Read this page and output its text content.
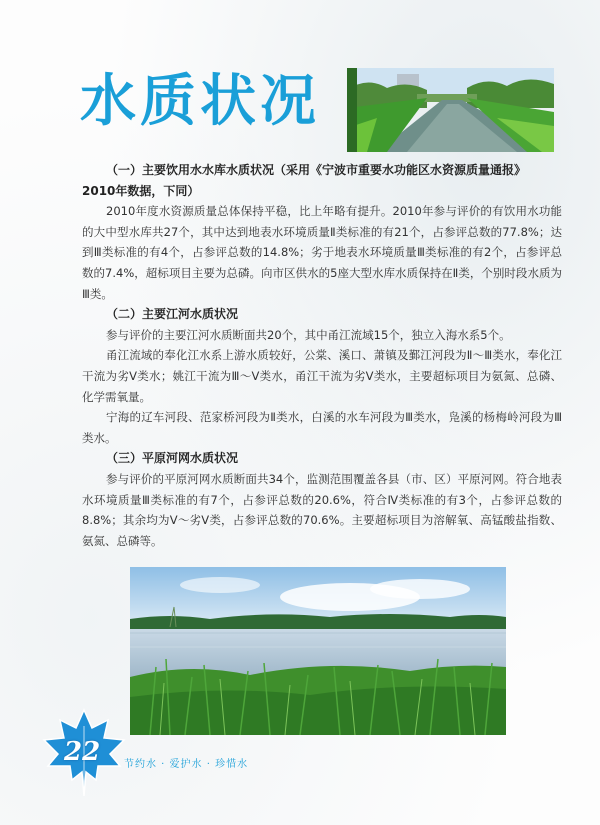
水质状况

（一）主要饮用水水库水质状况（采用《宁波市重要水功能区水资源质量通报》

2010年数据，下同）

2010年度水资源质量总体保持平稳，比上年略有提升。2010年参与评价的有饮用水功能的大中型水库共27个，其中达到地表水环境质量Ⅱ类标准的有21个，占参评总数的77.8%；达到Ⅲ类标准的有4个，占参评总数的14.8%；劣于地表水环境质量Ⅲ类标准的有2个，占参评总数的7.4%，超标项目主要为总磷。向市区供水的5座大型水库水质保持在Ⅱ类，个别时段水质为Ⅲ类。

（二）主要江河水质状况

参与评价的主要江河水质断面共20个，其中甬江流域15个，独立入海水系5个。

甬江流域的奉化江水系上游水质较好，公棠、溪口、萧镇及鄞江河段为Ⅱ～Ⅲ类水，奉化江干流为劣Ⅴ类水；姚江干流为Ⅲ～Ⅴ类水，甬江干流为劣Ⅴ类水，主要超标项目为氨氮、总磷、化学需氧量。

宁海的辽车河段、范家桥河段为Ⅱ类水，白溪的水车河段为Ⅲ类水，凫溪的杨梅岭河段为Ⅲ类水。

（三）平原河网水质状况

参与评价的平原河网水质断面共34个，监测范围覆盖各县（市、区）平原河网。符合地表水环境质量Ⅲ类标准的有7个，占参评总数的20.6%，符合Ⅳ类标准的有3个，占参评总数的8.8%；其余均为Ⅴ～劣Ⅴ类，占参评总数的70.6%。主要超标项目为溶解氧、高锰酸盐指数、氨氮、总磷等。

22 节约水 · 爱护水 · 珍惜水
